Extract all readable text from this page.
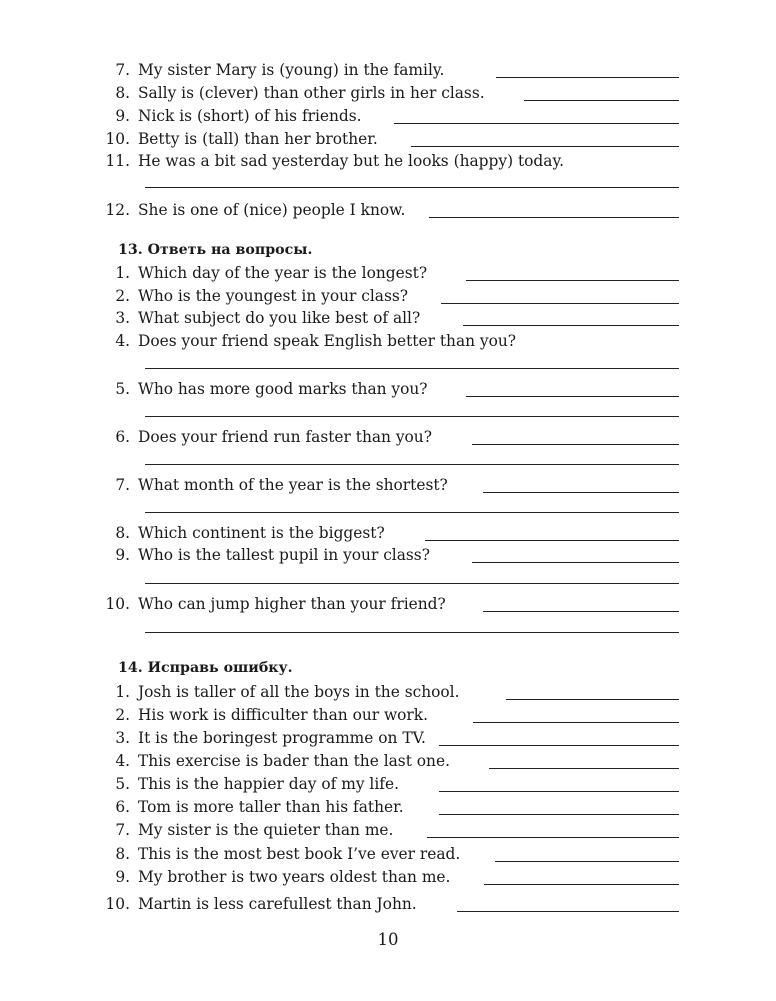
7. My sister Mary is (young) in the family.
8. Sally is (clever) than other girls in her class.
9. Nick is (short) of his friends.
10. Betty is (tall) than her brother.
11. He was a bit sad yesterday but he looks (happy) today.
12. She is one of (nice) people I know.
13. Ответь на вопросы.
1. Which day of the year is the longest?
2. Who is the youngest in your class?
3. What subject do you like best of all?
4. Does your friend speak English better than you?
5. Who has more good marks than you?
6. Does your friend run faster than you?
7. What month of the year is the shortest?
8. Which continent is the biggest?
9. Who is the tallest pupil in your class?
10. Who can jump higher than your friend?
14. Исправь ошибку.
1. Josh is taller of all the boys in the school.
2. His work is difficulter than our work.
3. It is the boringest programme on TV.
4. This exercise is bader than the last one.
5. This is the happier day of my life.
6. Tom is more taller than his father.
7. My sister is the quieter than me.
8. This is the most best book I’ve ever read.
9. My brother is two years oldest than me.
10. Martin is less carefullest than John.
10
